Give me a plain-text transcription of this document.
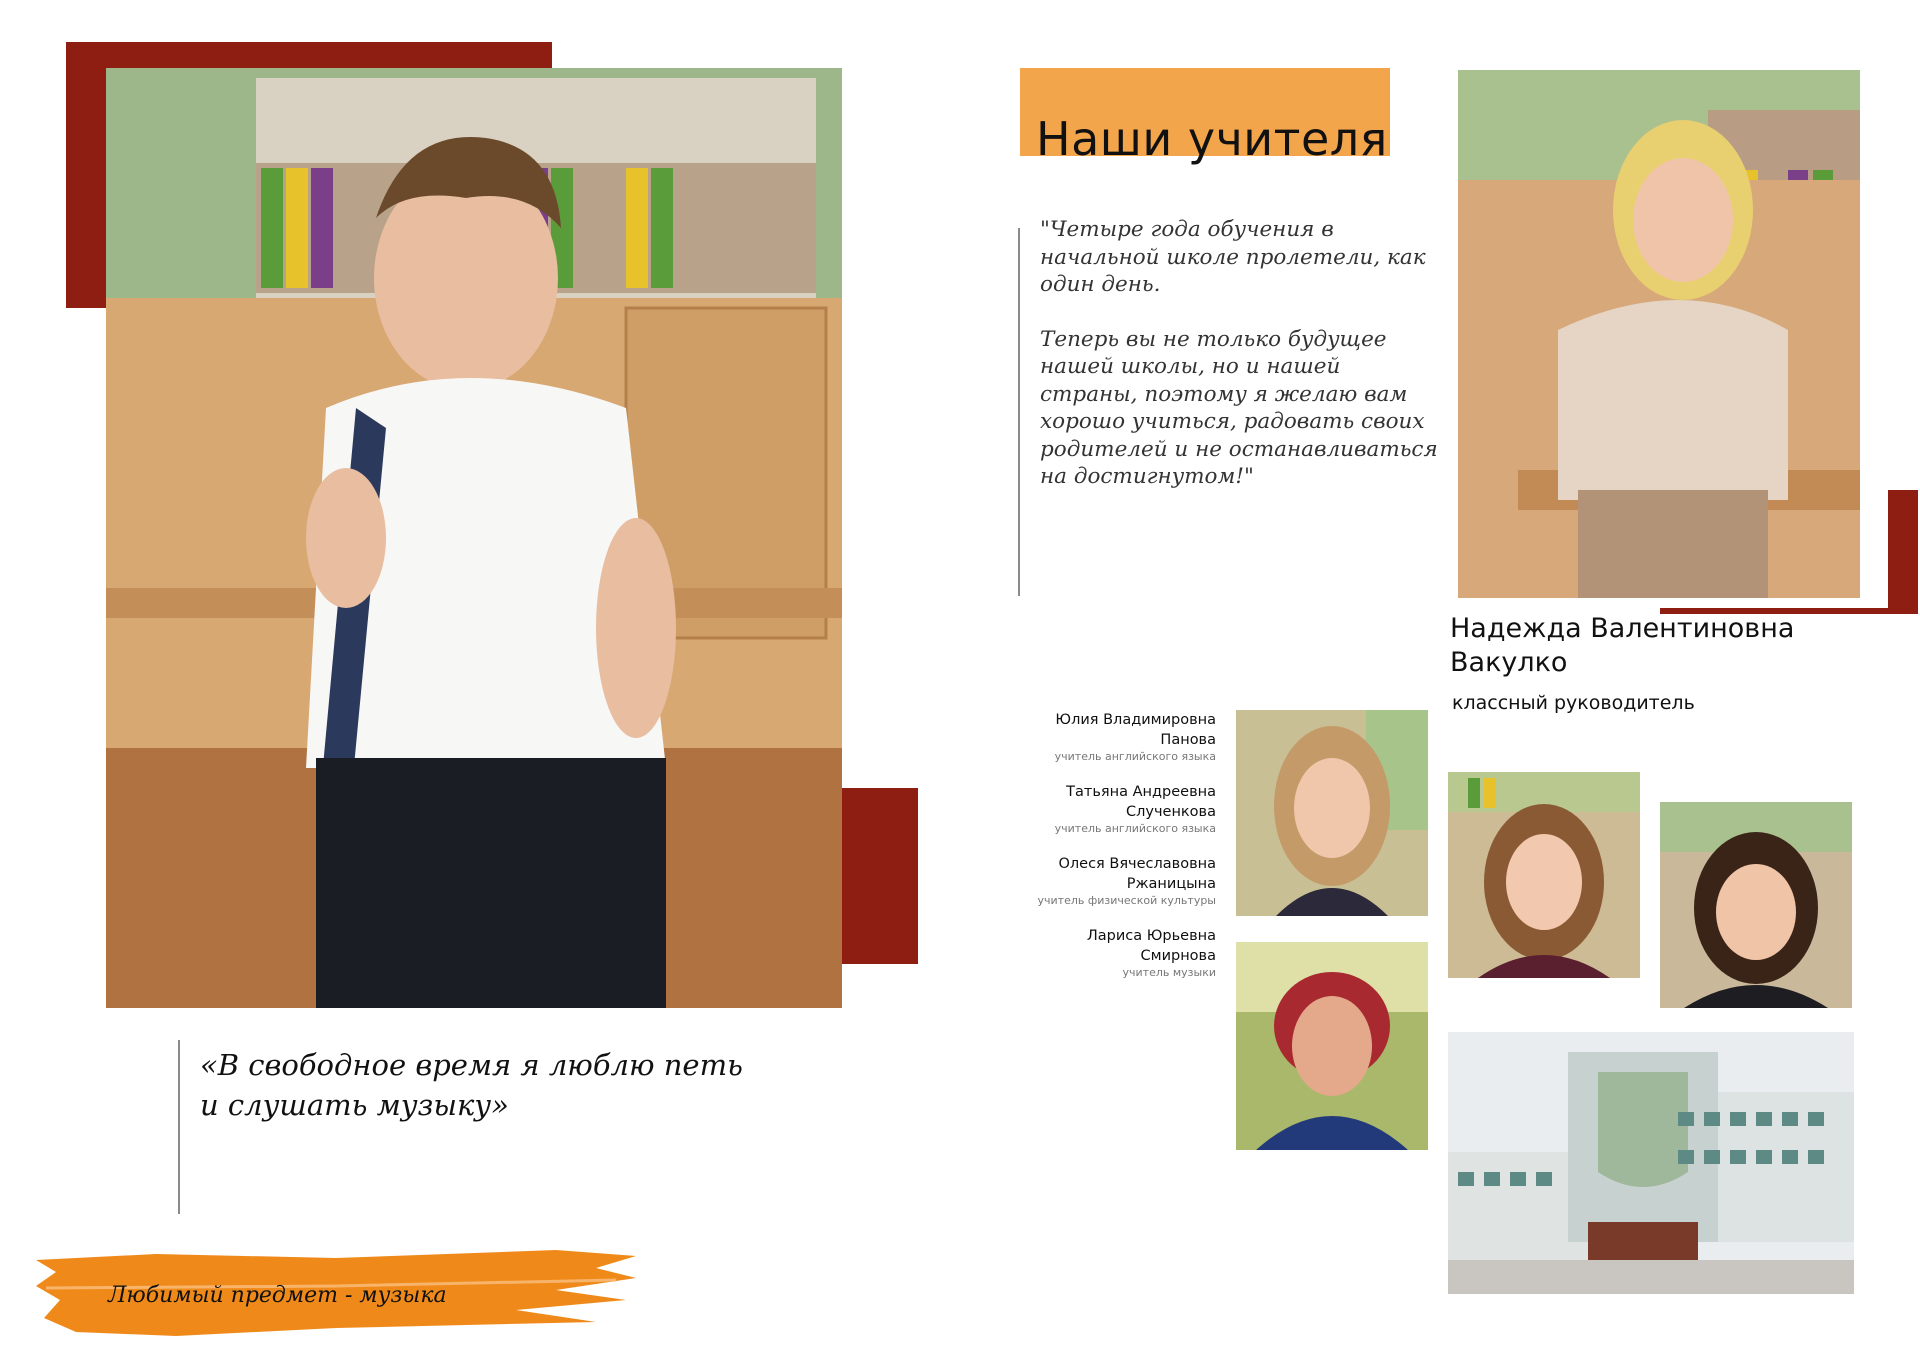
«В свободное время я люблю петь
и слушать музыку»
Любимый предмет - музыка
Наши учителя

"Четыре года обучения в начальной школе пролетели, как один день.

Теперь вы не только будущее нашей школы, но и нашей страны, поэтому я желаю вам хорошо учиться, радовать своих родителей и не останавливаться на достигнутом!"

Надежда Валентиновна
Вакулко
классный руководитель
Юлия Владимировна
Панова
учитель английского языка
Татьяна Андреевна
Слученкова
учитель английского языка
Олеся Вячеславовна
Ржаницына
учитель физической культуры
Лариса Юрьевна
Смирнова
учитель музыки
